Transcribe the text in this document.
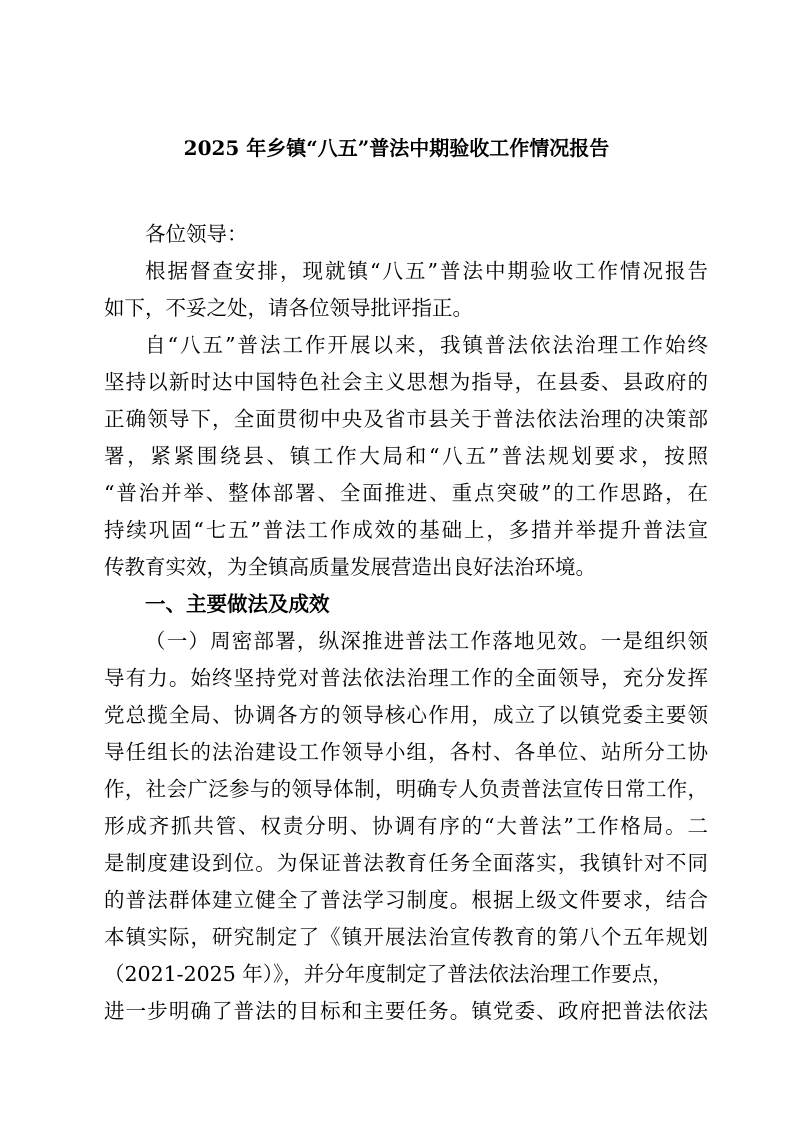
2025 年乡镇“八五”普法中期验收工作情况报告
各位领导：
根据督查安排，现就镇“八五”普法中期验收工作情况报告
如下，不妥之处，请各位领导批评指正。
自“八五”普法工作开展以来，我镇普法依法治理工作始终
坚持以新时达中国特色社会主义思想为指导，在县委、县政府的
正确领导下，全面贯彻中央及省市县关于普法依法治理的决策部
署，紧紧围绕县、镇工作大局和“八五”普法规划要求，按照
“普治并举、整体部署、全面推进、重点突破”的工作思路，在
持续巩固“七五”普法工作成效的基础上，多措并举提升普法宣
传教育实效，为全镇高质量发展营造出良好法治环境。
一、主要做法及成效
（一）周密部署，纵深推进普法工作落地见效。一是组织领
导有力。始终坚持党对普法依法治理工作的全面领导，充分发挥
党总揽全局、协调各方的领导核心作用，成立了以镇党委主要领
导任组长的法治建设工作领导小组，各村、各单位、站所分工协
作，社会广泛参与的领导体制，明确专人负责普法宣传日常工作，
形成齐抓共管、权责分明、协调有序的“大普法”工作格局。二
是制度建设到位。为保证普法教育任务全面落实，我镇针对不同
的普法群体建立健全了普法学习制度。根据上级文件要求，结合
本镇实际，研究制定了《镇开展法治宣传教育的第八个五年规划
（2021-2025 年）》，并分年度制定了普法依法治理工作要点，
进一步明确了普法的目标和主要任务。镇党委、政府把普法依法
